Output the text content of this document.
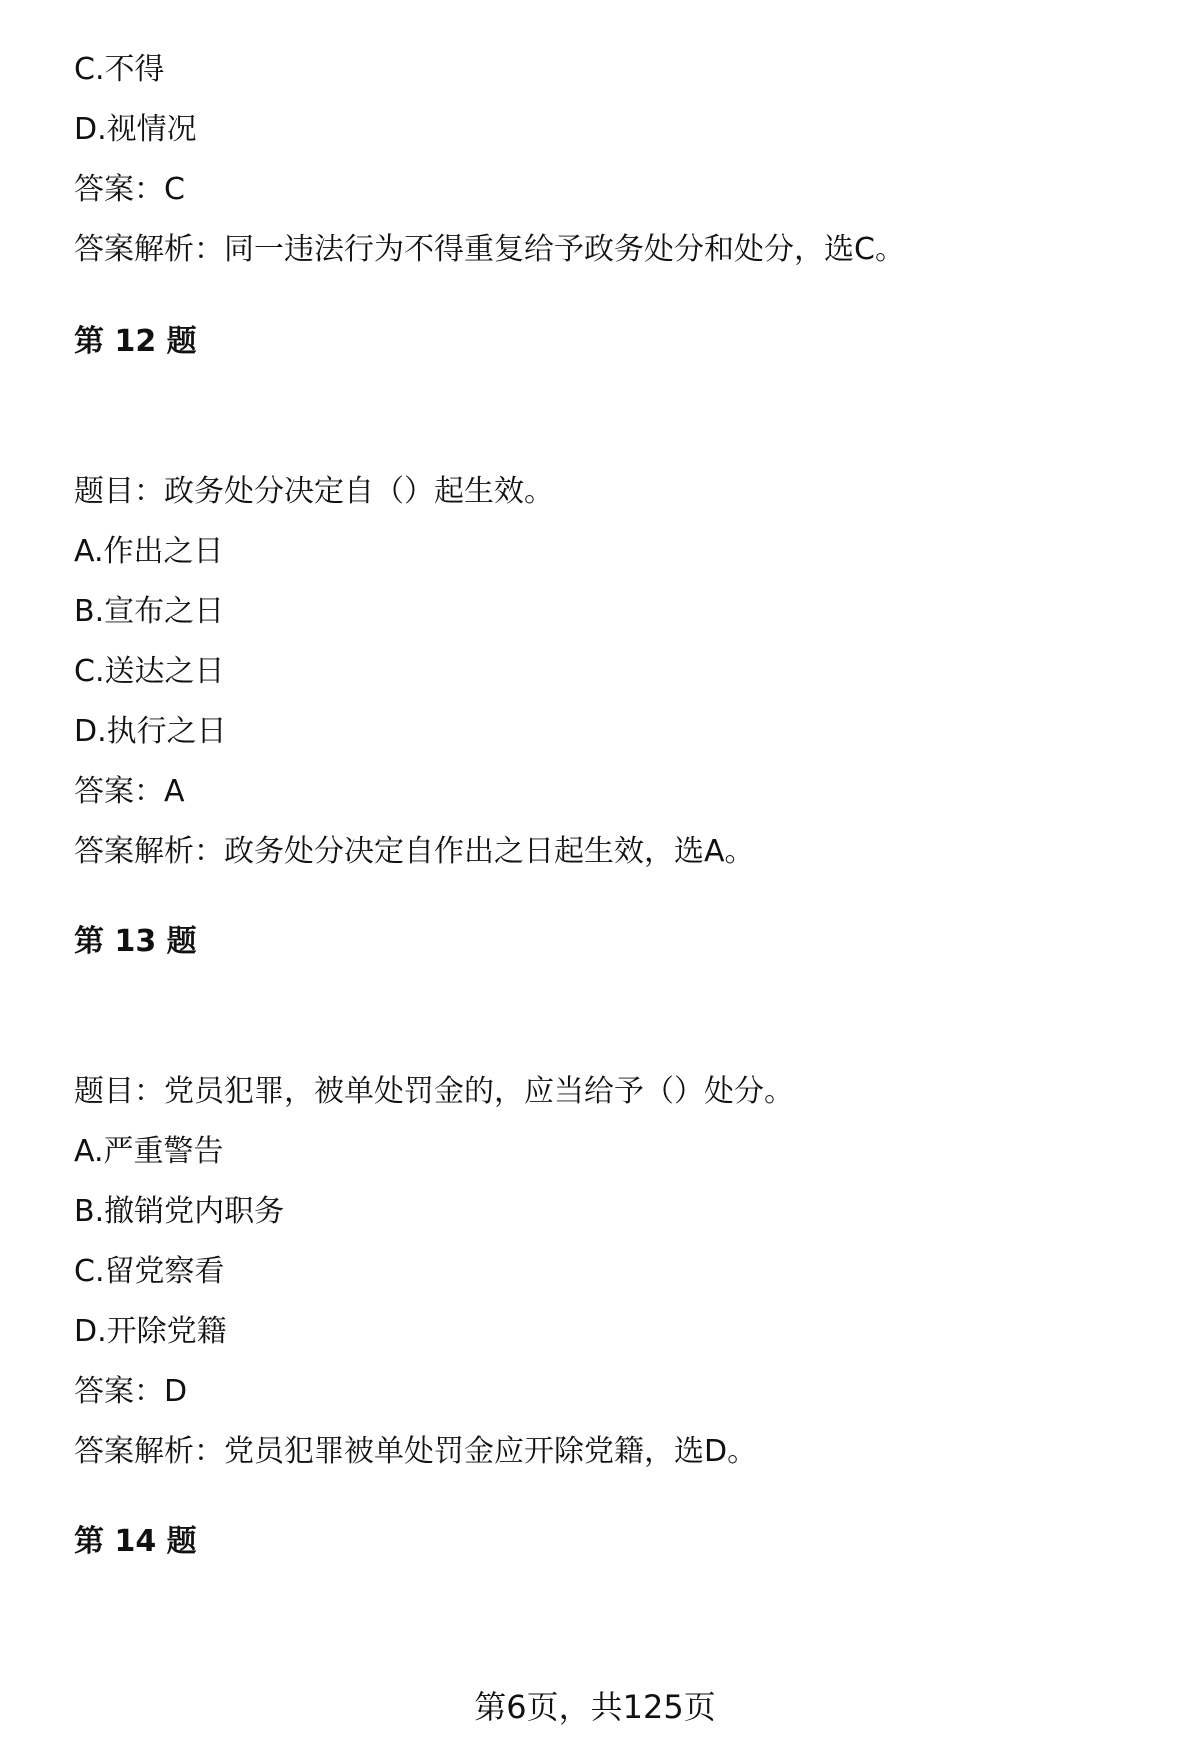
C.不得
D.视情况
答案：C
答案解析：同一违法行为不得重复给予政务处分和处分，选C。
第 12 题
题目：政务处分决定自（）起生效。
A.作出之日
B.宣布之日
C.送达之日
D.执行之日
答案：A
答案解析：政务处分决定自作出之日起生效，选A。
第 13 题
题目：党员犯罪，被单处罚金的，应当给予（）处分。
A.严重警告
B.撤销党内职务
C.留党察看
D.开除党籍
答案：D
答案解析：党员犯罪被单处罚金应开除党籍，选D。
第 14 题
第6页，共125页
